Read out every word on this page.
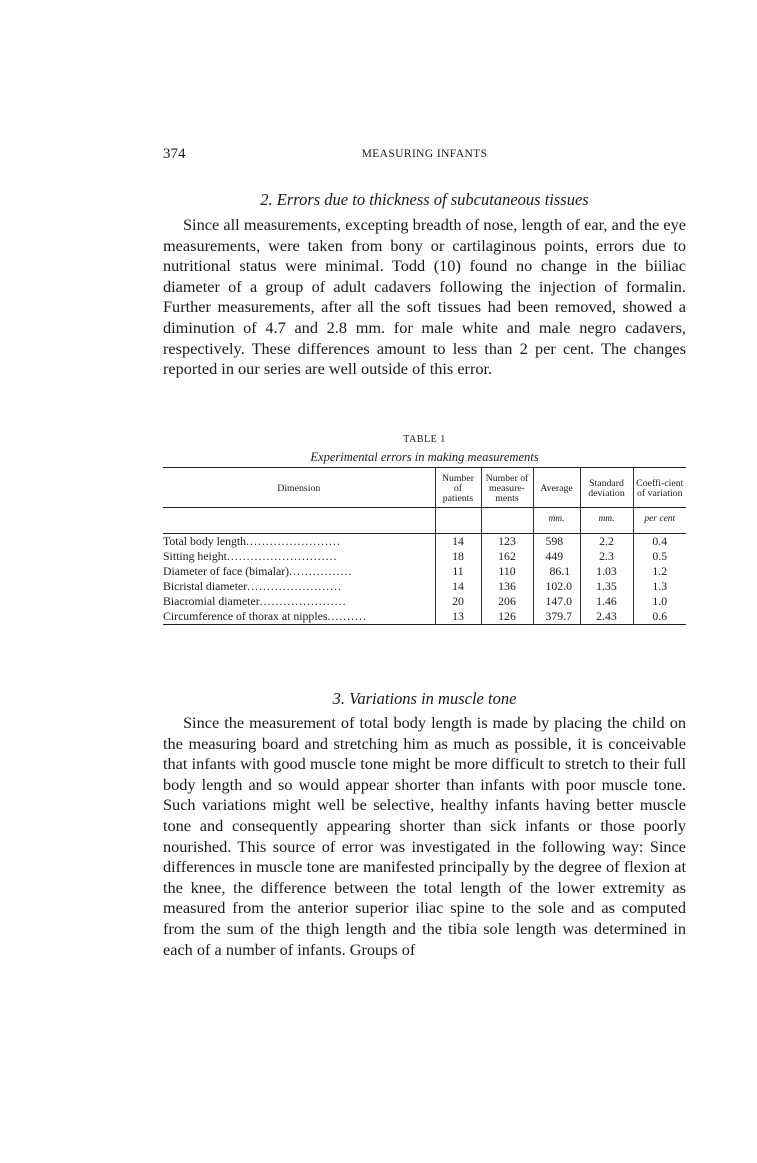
374	MEASURING INFANTS
2. Errors due to thickness of subcutaneous tissues

Since all measurements, excepting breadth of nose, length of ear, and the eye measurements, were taken from bony or cartilaginous points, errors due to nutritional status were minimal. Todd (10) found no change in the biiliac diameter of a group of adult cadavers following the injection of formalin. Further measurements, after all the soft tissues had been removed, showed a diminution of 4.7 and 2.8 mm. for male white and male negro cadavers, respectively. These differences amount to less than 2 per cent. The changes reported in our series are well outside of this error.

TABLE 1
Experimental errors in making measurements
Dimension	Number of patients	Number of measure-ments	Average	Standard deviation	Coeffi-cient of variation
			mm.	mm.	per cent
Total body length........................	14	123	598	2.2	0.4
Sitting height............................	18	162	449	2.3	0.5
Diameter of face (bimalar)................	11	110	86.1	1.03	1.2
Bicristal diameter........................	14	136	102.0	1.35	1.3
Biacromial diameter......................	20	206	147.0	1.46	1.0
Circumference of thorax at nipples..........	13	126	379.7	2.43	0.6
3. Variations in muscle tone

Since the measurement of total body length is made by placing the child on the measuring board and stretching him as much as possible, it is conceivable that infants with good muscle tone might be more difficult to stretch to their full body length and so would appear shorter than infants with poor muscle tone. Such variations might well be selective, healthy infants having better muscle tone and consequently appearing shorter than sick infants or those poorly nourished. This source of error was investigated in the following way: Since differences in muscle tone are manifested principally by the degree of flexion at the knee, the difference between the total length of the lower extremity as measured from the anterior superior iliac spine to the sole and as computed from the sum of the thigh length and the tibia sole length was determined in each of a number of infants. Groups of
